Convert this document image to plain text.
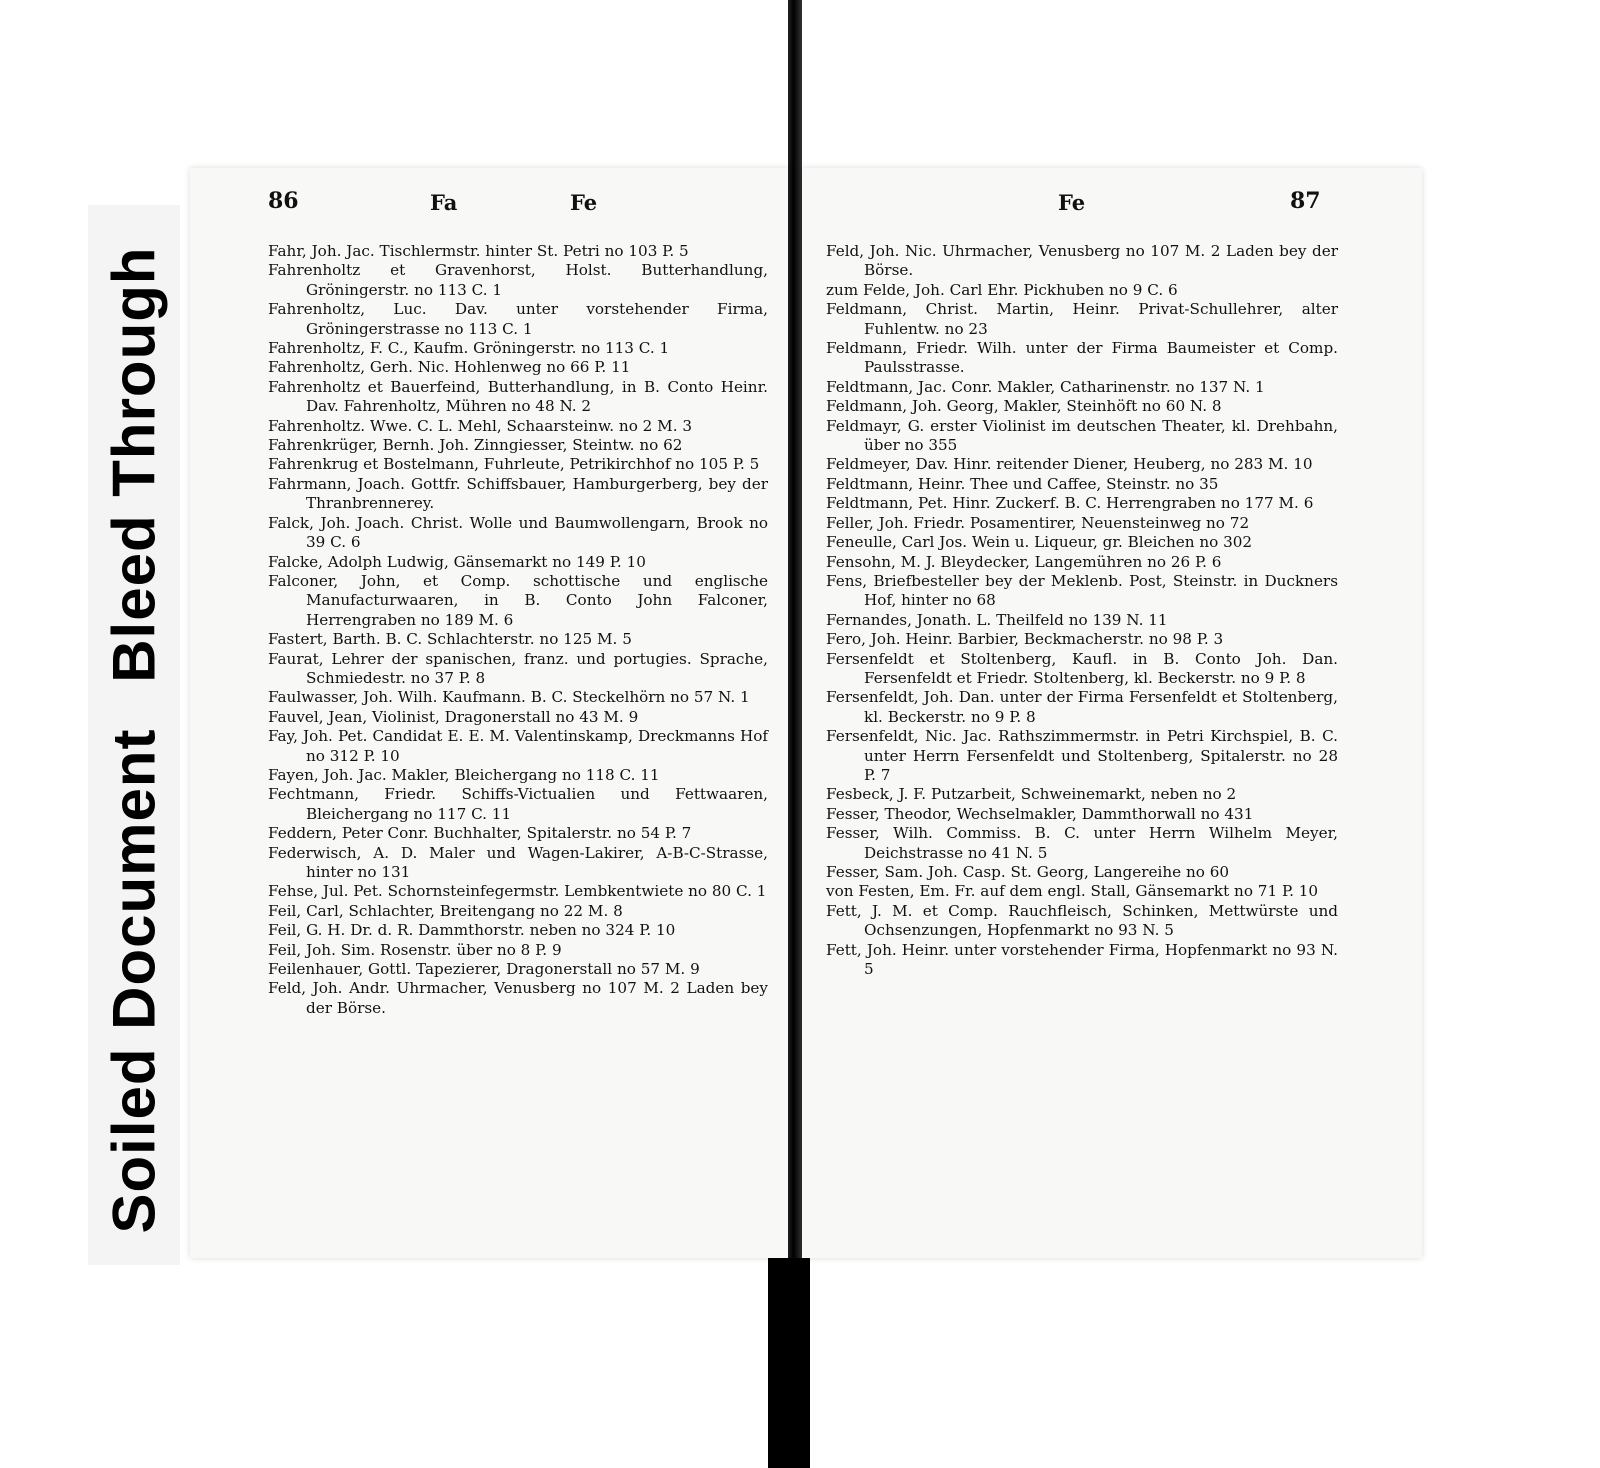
Soiled Document Bleed Through
86	Fa	Fe

Fahr, Joh. Jac. Tischlermstr. hinter St. Petri no 103 P. 5

Fahrenholtz et Gravenhorst, Holst. Butterhandlung, Gröningerstr. no 113 C. 1

Fahrenholtz, Luc. Dav. unter vorstehender Firma, Gröningerstrasse no 113 C. 1

Fahrenholtz, F. C., Kaufm. Gröningerstr. no 113 C. 1

Fahrenholtz, Gerh. Nic. Hohlenweg no 66 P. 11

Fahrenholtz et Bauerfeind, Butterhandlung, in B. Conto Heinr. Dav. Fahrenholtz, Mühren no 48 N. 2

Fahrenholtz. Wwe. C. L. Mehl, Schaarsteinw. no 2 M. 3

Fahrenkrüger, Bernh. Joh. Zinngiesser, Steintw. no 62

Fahrenkrug et Bostelmann, Fuhrleute, Petrikirchhof no 105 P. 5

Fahrmann, Joach. Gottfr. Schiffsbauer, Hamburgerberg, bey der Thranbrennerey.

Falck, Joh. Joach. Christ. Wolle und Baumwollengarn, Brook no 39 C. 6

Falcke, Adolph Ludwig, Gänsemarkt no 149 P. 10

Falconer, John, et Comp. schottische und englische Manufacturwaaren, in B. Conto John Falconer, Herrengraben no 189 M. 6

Fastert, Barth. B. C. Schlachterstr. no 125 M. 5

Faurat, Lehrer der spanischen, franz. und portugies. Sprache, Schmiedestr. no 37 P. 8

Faulwasser, Joh. Wilh. Kaufmann. B. C. Steckelhörn no 57 N. 1

Fauvel, Jean, Violinist, Dragonerstall no 43 M. 9

Fay, Joh. Pet. Candidat E. E. M. Valentinskamp, Dreckmanns Hof no 312 P. 10

Fayen, Joh. Jac. Makler, Bleichergang no 118 C. 11

Fechtmann, Friedr. Schiffs-Victualien und Fettwaaren, Bleichergang no 117 C. 11

Feddern, Peter Conr. Buchhalter, Spitalerstr. no 54 P. 7

Federwisch, A. D. Maler und Wagen-Lakirer, A-B-C-Strasse, hinter no 131

Fehse, Jul. Pet. Schornsteinfegermstr. Lembkentwiete no 80 C. 1

Feil, Carl, Schlachter, Breitengang no 22 M. 8

Feil, G. H. Dr. d. R. Dammthorstr. neben no 324 P. 10

Feil, Joh. Sim. Rosenstr. über no 8 P. 9

Feilenhauer, Gottl. Tapezierer, Dragonerstall no 57 M. 9

Feld, Joh. Andr. Uhrmacher, Venusberg no 107 M. 2 Laden bey der Börse.

Fe	87

Feld, Joh. Nic. Uhrmacher, Venusberg no 107 M. 2 Laden bey der Börse.

zum Felde, Joh. Carl Ehr. Pickhuben no 9 C. 6

Feldmann, Christ. Martin, Heinr. Privat-Schullehrer, alter Fuhlentw. no 23

Feldmann, Friedr. Wilh. unter der Firma Baumeister et Comp. Paulsstrasse.

Feldtmann, Jac. Conr. Makler, Catharinenstr. no 137 N. 1

Feldmann, Joh. Georg, Makler, Steinhöft no 60 N. 8

Feldmayr, G. erster Violinist im deutschen Theater, kl. Drehbahn, über no 355

Feldmeyer, Dav. Hinr. reitender Diener, Heuberg, no 283 M. 10

Feldtmann, Heinr. Thee und Caffee, Steinstr. no 35

Feldtmann, Pet. Hinr. Zuckerf. B. C. Herrengraben no 177 M. 6

Feller, Joh. Friedr. Posamentirer, Neuensteinweg no 72

Feneulle, Carl Jos. Wein u. Liqueur, gr. Bleichen no 302

Fensohn, M. J. Bleydecker, Langemühren no 26 P. 6

Fens, Briefbesteller bey der Meklenb. Post, Steinstr. in Duckners Hof, hinter no 68

Fernandes, Jonath. L. Theilfeld no 139 N. 11

Fero, Joh. Heinr. Barbier, Beckmacherstr. no 98 P. 3

Fersenfeldt et Stoltenberg, Kaufl. in B. Conto Joh. Dan. Fersenfeldt et Friedr. Stoltenberg, kl. Beckerstr. no 9 P. 8

Fersenfeldt, Joh. Dan. unter der Firma Fersenfeldt et Stoltenberg, kl. Beckerstr. no 9 P. 8

Fersenfeldt, Nic. Jac. Rathszimmermstr. in Petri Kirchspiel, B. C. unter Herrn Fersenfeldt und Stoltenberg, Spitalerstr. no 28 P. 7

Fesbeck, J. F. Putzarbeit, Schweinemarkt, neben no 2

Fesser, Theodor, Wechselmakler, Dammthorwall no 431

Fesser, Wilh. Commiss. B. C. unter Herrn Wilhelm Meyer, Deichstrasse no 41 N. 5

Fesser, Sam. Joh. Casp. St. Georg, Langereihe no 60

von Festen, Em. Fr. auf dem engl. Stall, Gänsemarkt no 71 P. 10

Fett, J. M. et Comp. Rauchfleisch, Schinken, Mettwürste und Ochsenzungen, Hopfenmarkt no 93 N. 5

Fett, Joh. Heinr. unter vorstehender Firma, Hopfenmarkt no 93 N. 5
